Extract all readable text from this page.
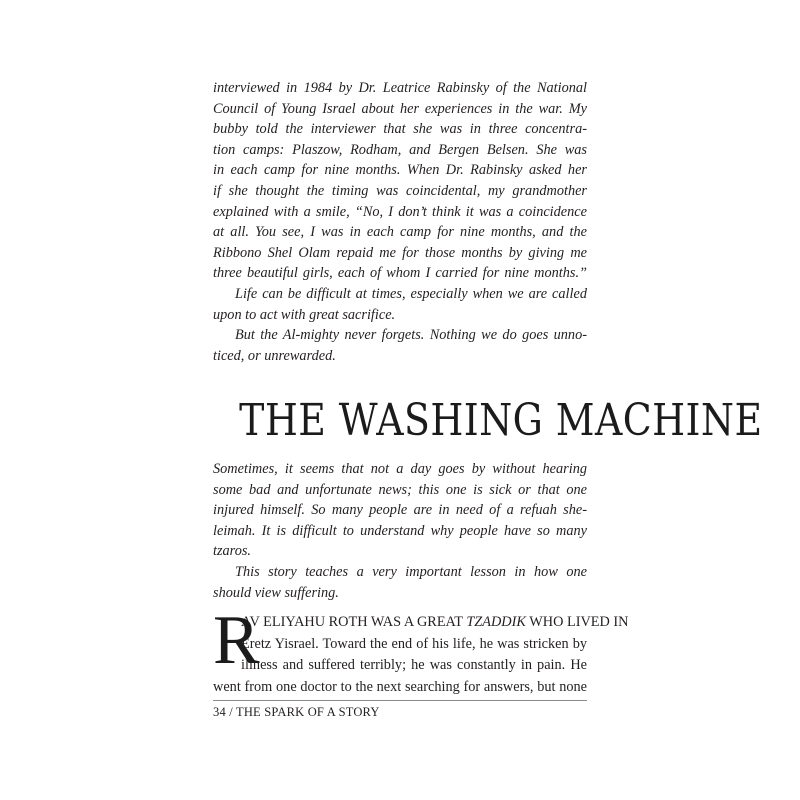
interviewed in 1984 by Dr. Leatrice Rabinsky of the National
Council of Young Israel about her experiences in the war. My
bubby told the interviewer that she was in three concentra-
tion camps: Plaszow, Rodham, and Bergen Belsen. She was
in each camp for nine months. When Dr. Rabinsky asked her
if she thought the timing was coincidental, my grandmother
explained with a smile, “No, I don’t think it was a coincidence
at all. You see, I was in each camp for nine months, and the
Ribbono Shel Olam repaid me for those months by giving me
three beautiful girls, each of whom I carried for nine months.”

Life can be difficult at times, especially when we are called
upon to act with great sacrifice.

But the Al-mighty never forgets. Nothing we do goes unno-
ticed, or unrewarded.

THE WASHING MACHINE

Sometimes, it seems that not a day goes by without hearing
some bad and unfortunate news; this one is sick or that one
injured himself. So many people are in need of a refuah she-
leimah. It is difficult to understand why people have so many
tzaros.

This story teaches a very important lesson in how one
should view suffering.

R
AV ELIYAHU ROTH WAS A GREAT TZADDIK WHO LIVED IN
Eretz Yisrael. Toward the end of his life, he was stricken by
illness and suffered terribly; he was constantly in pain. He
went from one doctor to the next searching for answers, but none
34 / THE SPARK OF A STORY
